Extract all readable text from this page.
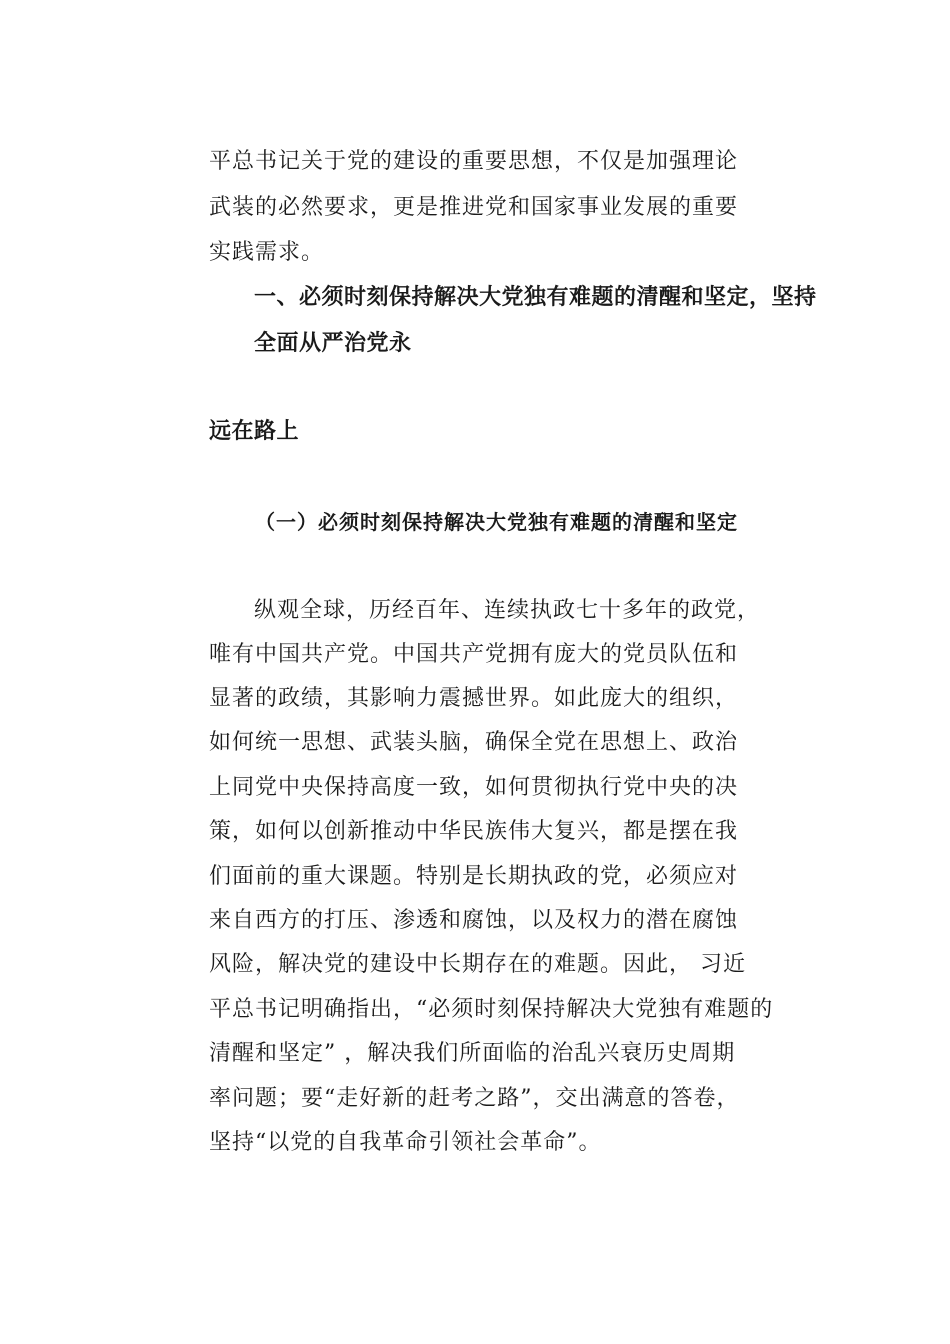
平总书记关于党的建设的重要思想，不仅是加强理论
武装的必然要求，更是推进党和国家事业发展的重要
实践需求。
一、必须时刻保持解决大党独有难题的清醒和坚定，坚持
全面从严治党永
远在路上
（一）必须时刻保持解决大党独有难题的清醒和坚定
纵观全球，历经百年、连续执政七十多年的政党，
唯有中国共产党。中国共产党拥有庞大的党员队伍和
显著的政绩，其影响力震撼世界。如此庞大的组织，
如何统一思想、武装头脑，确保全党在思想上、政治
上同党中央保持高度一致，如何贯彻执行党中央的决
策，如何以创新推动中华民族伟大复兴，都是摆在我
们面前的重大课题。特别是长期执政的党，必须应对
来自西方的打压、渗透和腐蚀，以及权力的潜在腐蚀
风险，解决党的建设中长期存在的难题。因此， 习近
平总书记明确指出，“必须时刻保持解决大党独有难题的
清醒和坚定” ，解决我们所面临的治乱兴衰历史周期
率问题；要“走好新的赶考之路”，交出满意的答卷，
坚持“以党的自我革命引领社会革命”。
